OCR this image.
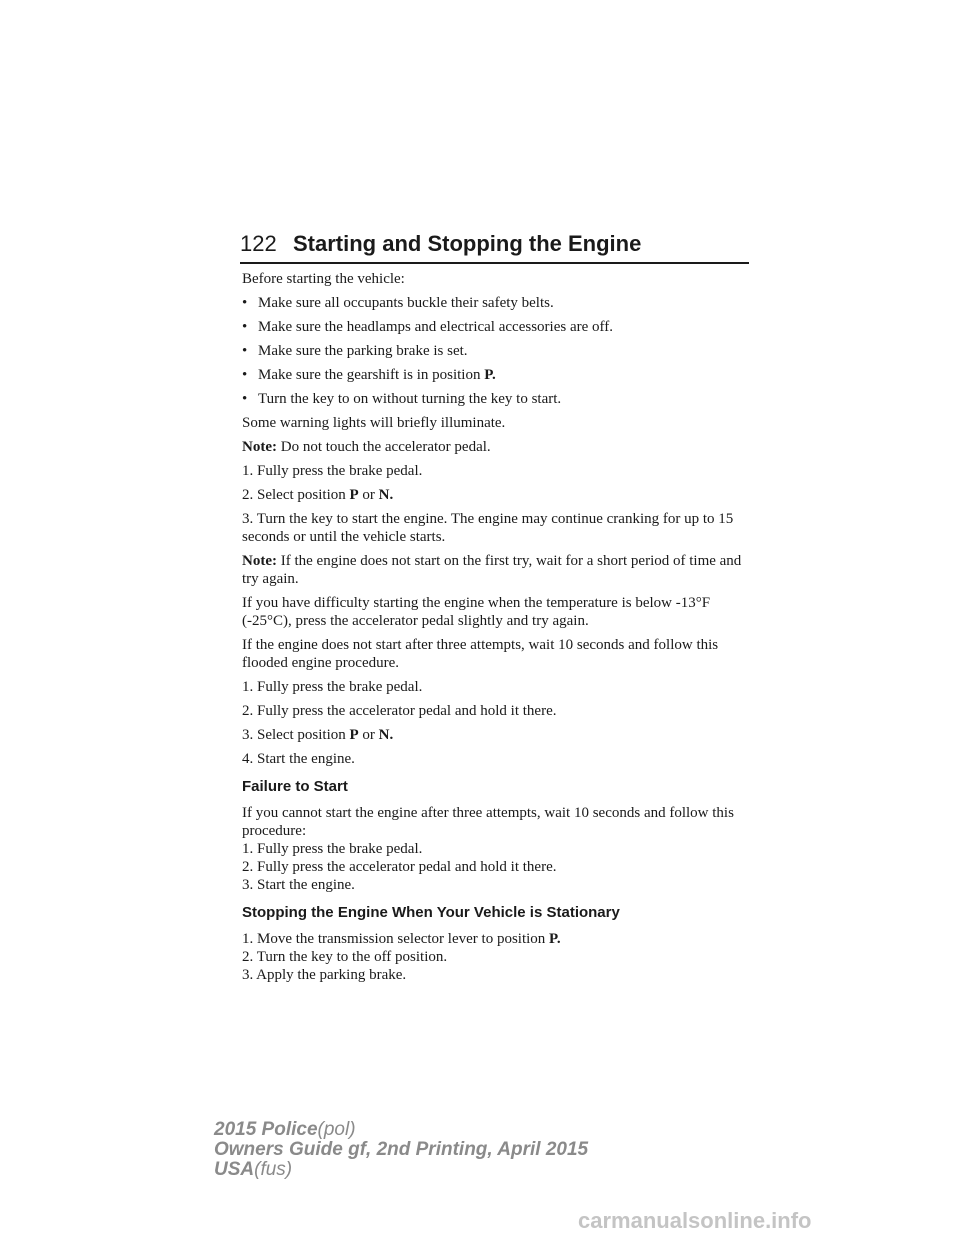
122 Starting and Stopping the Engine

Before starting the vehicle:

• Make sure all occupants buckle their safety belts.
• Make sure the headlamps and electrical accessories are off.
• Make sure the parking brake is set.
• Make sure the gearshift is in position P.
• Turn the key to on without turning the key to start.

Some warning lights will briefly illuminate.

Note: Do not touch the accelerator pedal.

1. Fully press the brake pedal.

2. Select position P or N.

3. Turn the key to start the engine. The engine may continue cranking for up to 15 seconds or until the vehicle starts.

Note: If the engine does not start on the first try, wait for a short period of time and try again.

If you have difficulty starting the engine when the temperature is below -13°F (-25°C), press the accelerator pedal slightly and try again.

If the engine does not start after three attempts, wait 10 seconds and follow this flooded engine procedure.

1. Fully press the brake pedal.

2. Fully press the accelerator pedal and hold it there.

3. Select position P or N.

4. Start the engine.

Failure to Start
If you cannot start the engine after three attempts, wait 10 seconds and follow this procedure:
1. Fully press the brake pedal.
2. Fully press the accelerator pedal and hold it there.
3. Start the engine.
Stopping the Engine When Your Vehicle is Stationary
1. Move the transmission selector lever to position P.
2. Turn the key to the off position.
3. Apply the parking brake.
2015 Police(pol)
Owners Guide gf, 2nd Printing, April 2015
USA(fus)
carmanualsonline.info
